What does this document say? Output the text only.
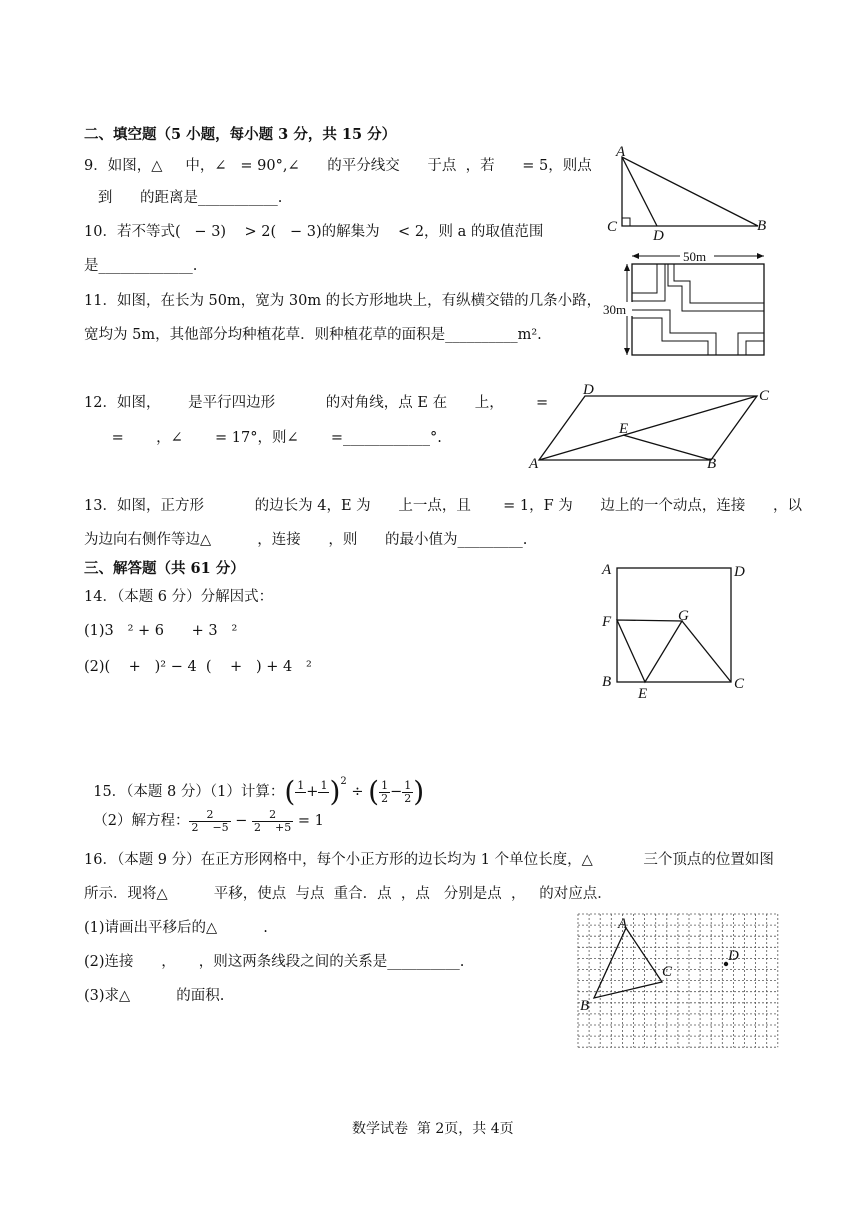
二、填空题（5 小题，每小题 3 分，共 15 分）
9．如图，△     中，∠   = 90°,∠      的平分线交      于点  ，若      = 5，则点
到      的距离是___________.
A
C
D
B
10．若不等式(   − 3)    > 2(   − 3)的解集为    < 2，则 a 的取值范围
是_____________.
11．如图，在长为 50m，宽为 30m 的长方形地块上，有纵横交错的几条小路，
宽均为 5m，其他部分均种植花草．则种植花草的面积是__________m².
50m
30m
12．如图，      是平行四边形           的对角线，点 E 在      上，       =
=       ，∠       = 17°，则∠       =____________°.
D	C
E
A	B
13．如图，正方形           的边长为 4，E 为      上一点，且       = 1，F 为      边上的一个动点，连接      ，以
为边向右侧作等边△          ，连接      ，则      的最小值为_________.
三、解答题（共 61 分）	A	D
F	G
B
E
C
14．（本题 6 分）分解因式：
(1)3   ² + 6      + 3   ²
(2)(    +   )² − 4  (    +   ) + 4   ²

15．（本题 8 分）（1）计算：( 1 + 1 )$^2$ ÷ ( $\frac{1}{2} - \frac{1}{2}$ )

（2）解方程： $\frac{2}{2 -5} - \frac{2}{2 +5} = 1$

16．（本题 9 分）在正方形网格中，每个小正方形的边长均为 1 个单位长度，△           三个顶点的位置如图
所示．现将△          平移，使点  与点  重合．点  ，点   分别是点  ，   的对应点．
(1)请画出平移后的△          .
(2)连接      ，     ，则这两条线段之间的关系是__________.
(3)求△          的面积.
A
C
B
D
数学试卷  第 2页，共 4页
